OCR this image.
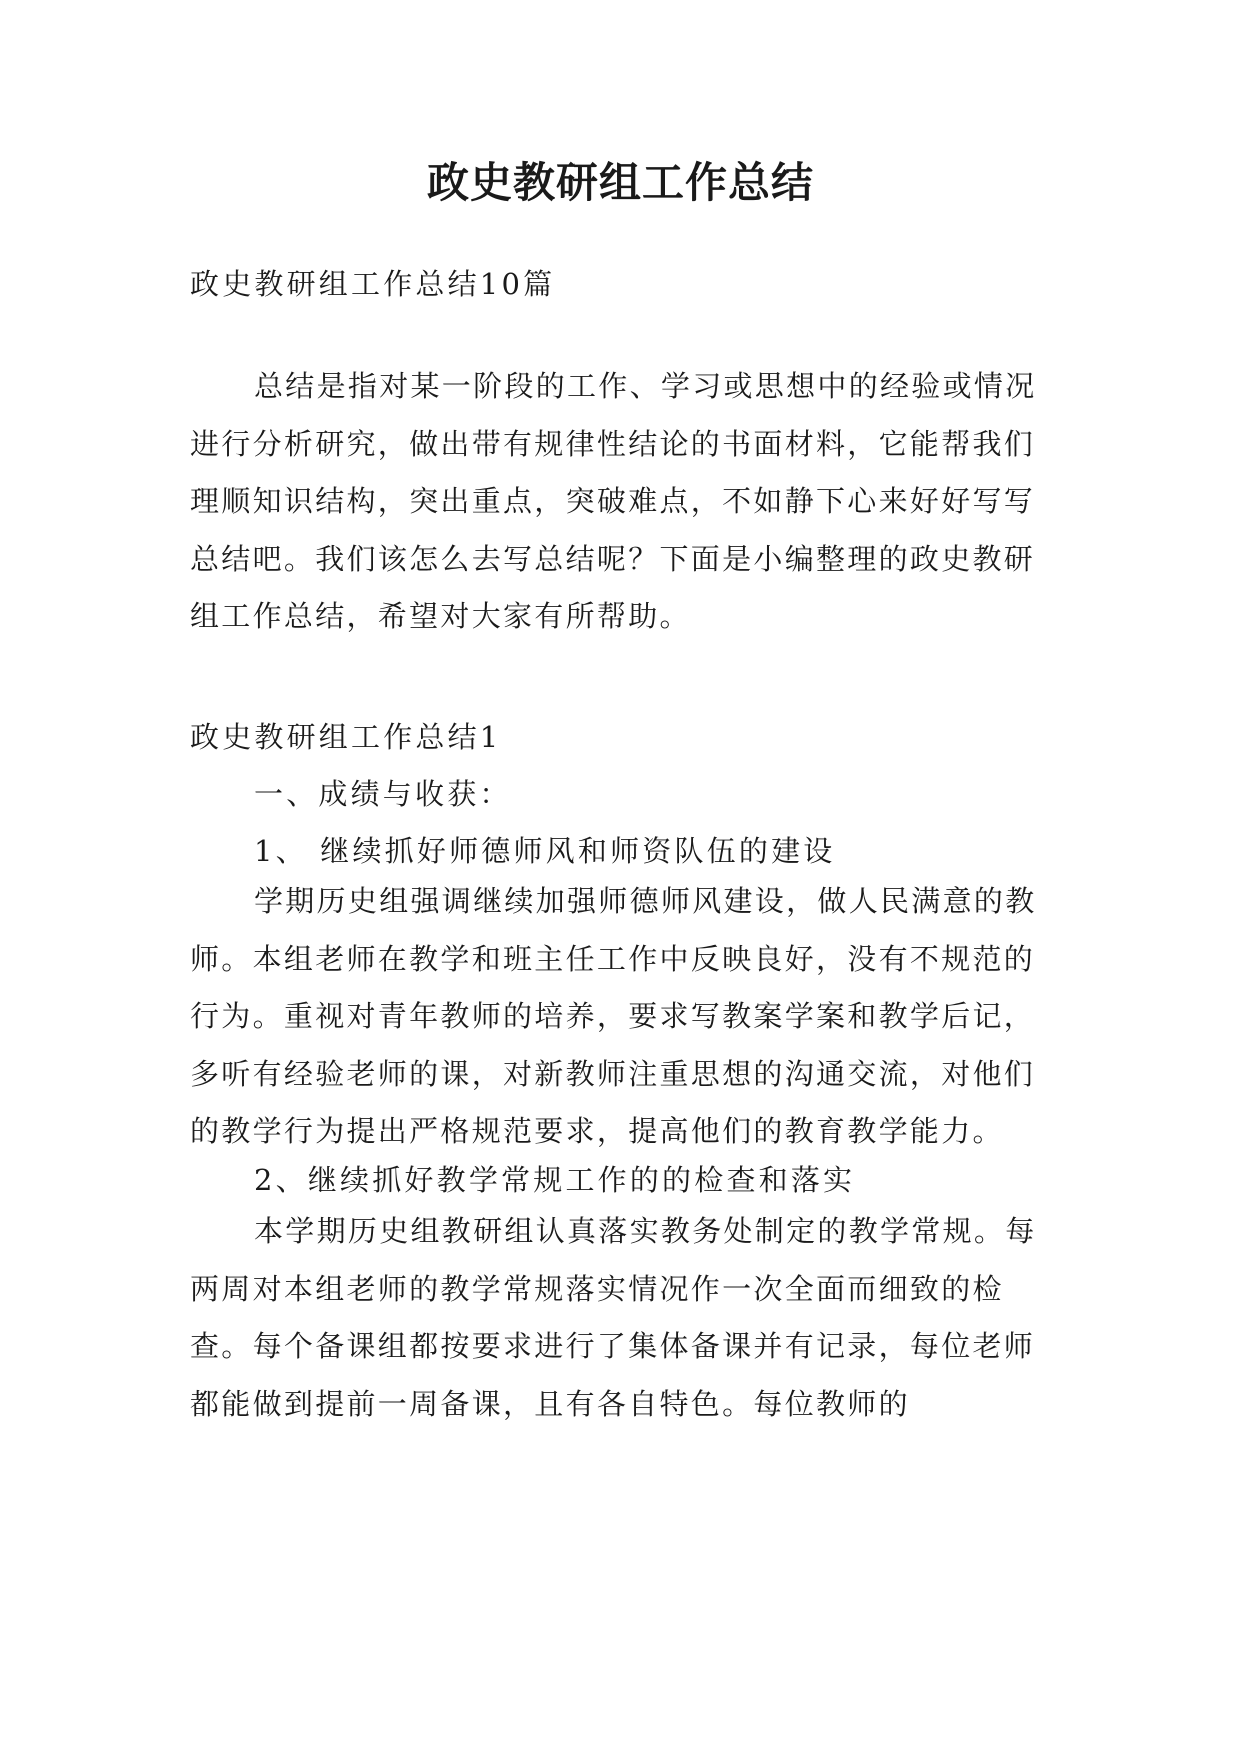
政史教研组工作总结

政史教研组工作总结10篇

总结是指对某一阶段的工作、学习或思想中的经验或情况进行分析研究，做出带有规律性结论的书面材料，它能帮我们理顺知识结构，突出重点，突破难点，不如静下心来好好写写总结吧。我们该怎么去写总结呢？下面是小编整理的政史教研组工作总结，希望对大家有所帮助。

政史教研组工作总结1

一、成绩与收获：

1、 继续抓好师德师风和师资队伍的建设

学期历史组强调继续加强师德师风建设，做人民满意的教师。本组老师在教学和班主任工作中反映良好，没有不规范的行为。重视对青年教师的培养，要求写教案学案和教学后记，多听有经验老师的课，对新教师注重思想的沟通交流，对他们的教学行为提出严格规范要求，提高他们的教育教学能力。

2、继续抓好教学常规工作的的检查和落实

本学期历史组教研组认真落实教务处制定的教学常规。每两周对本组老师的教学常规落实情况作一次全面而细致的检查。每个备课组都按要求进行了集体备课并有记录，每位老师都能做到提前一周备课，且有各自特色。每位教师的
